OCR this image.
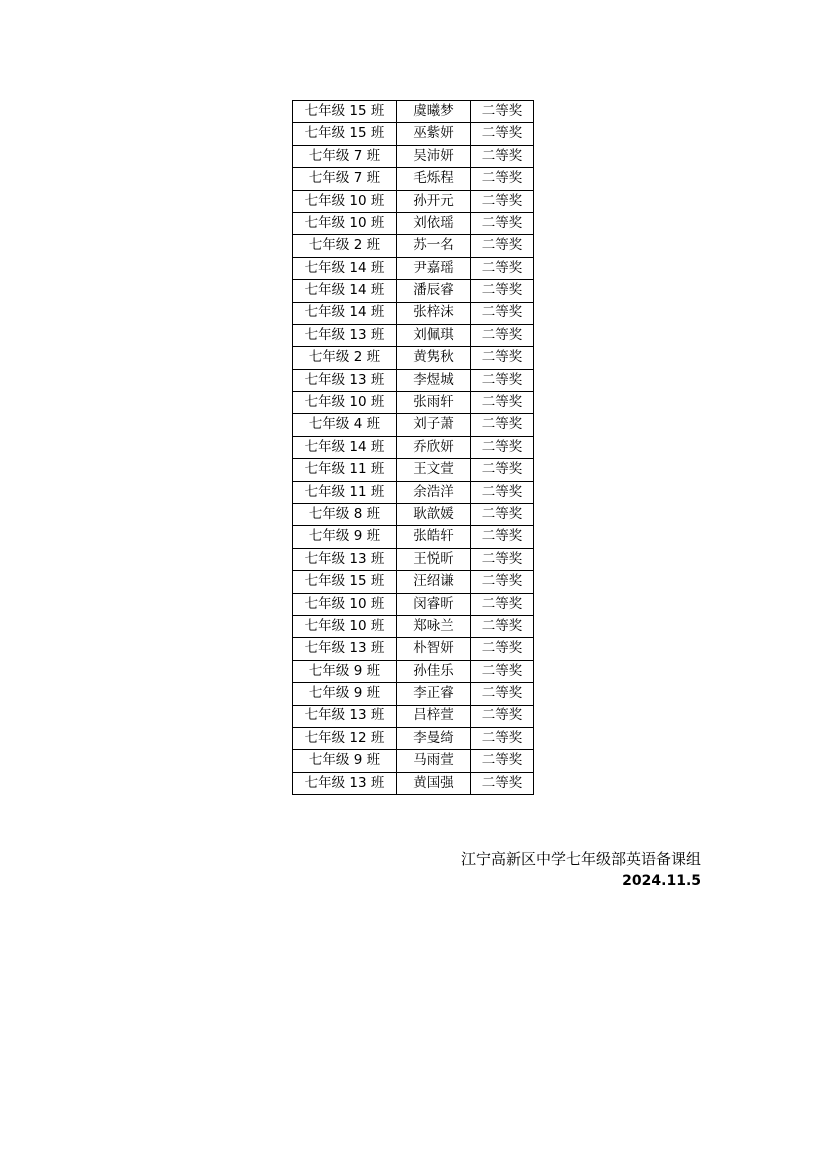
七年级 15 班	虞曦梦	二等奖
七年级 15 班	巫紫妍	二等奖
七年级 7 班	吴沛妍	二等奖
七年级 7 班	毛烁程	二等奖
七年级 10 班	孙开元	二等奖
七年级 10 班	刘依瑶	二等奖
七年级 2 班	苏一名	二等奖
七年级 14 班	尹嘉瑶	二等奖
七年级 14 班	潘辰睿	二等奖
七年级 14 班	张梓沫	二等奖
七年级 13 班	刘佩琪	二等奖
七年级 2 班	黄隽秋	二等奖
七年级 13 班	李煜城	二等奖
七年级 10 班	张雨轩	二等奖
七年级 4 班	刘子萧	二等奖
七年级 14 班	乔欣妍	二等奖
七年级 11 班	王文萱	二等奖
七年级 11 班	余浩洋	二等奖
七年级 8 班	耿歆媛	二等奖
七年级 9 班	张皓轩	二等奖
七年级 13 班	王悦昕	二等奖
七年级 15 班	汪绍谦	二等奖
七年级 10 班	闵睿昕	二等奖
七年级 10 班	郑咏兰	二等奖
七年级 13 班	朴智妍	二等奖
七年级 9 班	孙佳乐	二等奖
七年级 9 班	李正睿	二等奖
七年级 13 班	吕梓萱	二等奖
七年级 12 班	李曼绮	二等奖
七年级 9 班	马雨萱	二等奖
七年级 13 班	黄国强	二等奖
江宁高新区中学七年级部英语备课组
2024.11.5
